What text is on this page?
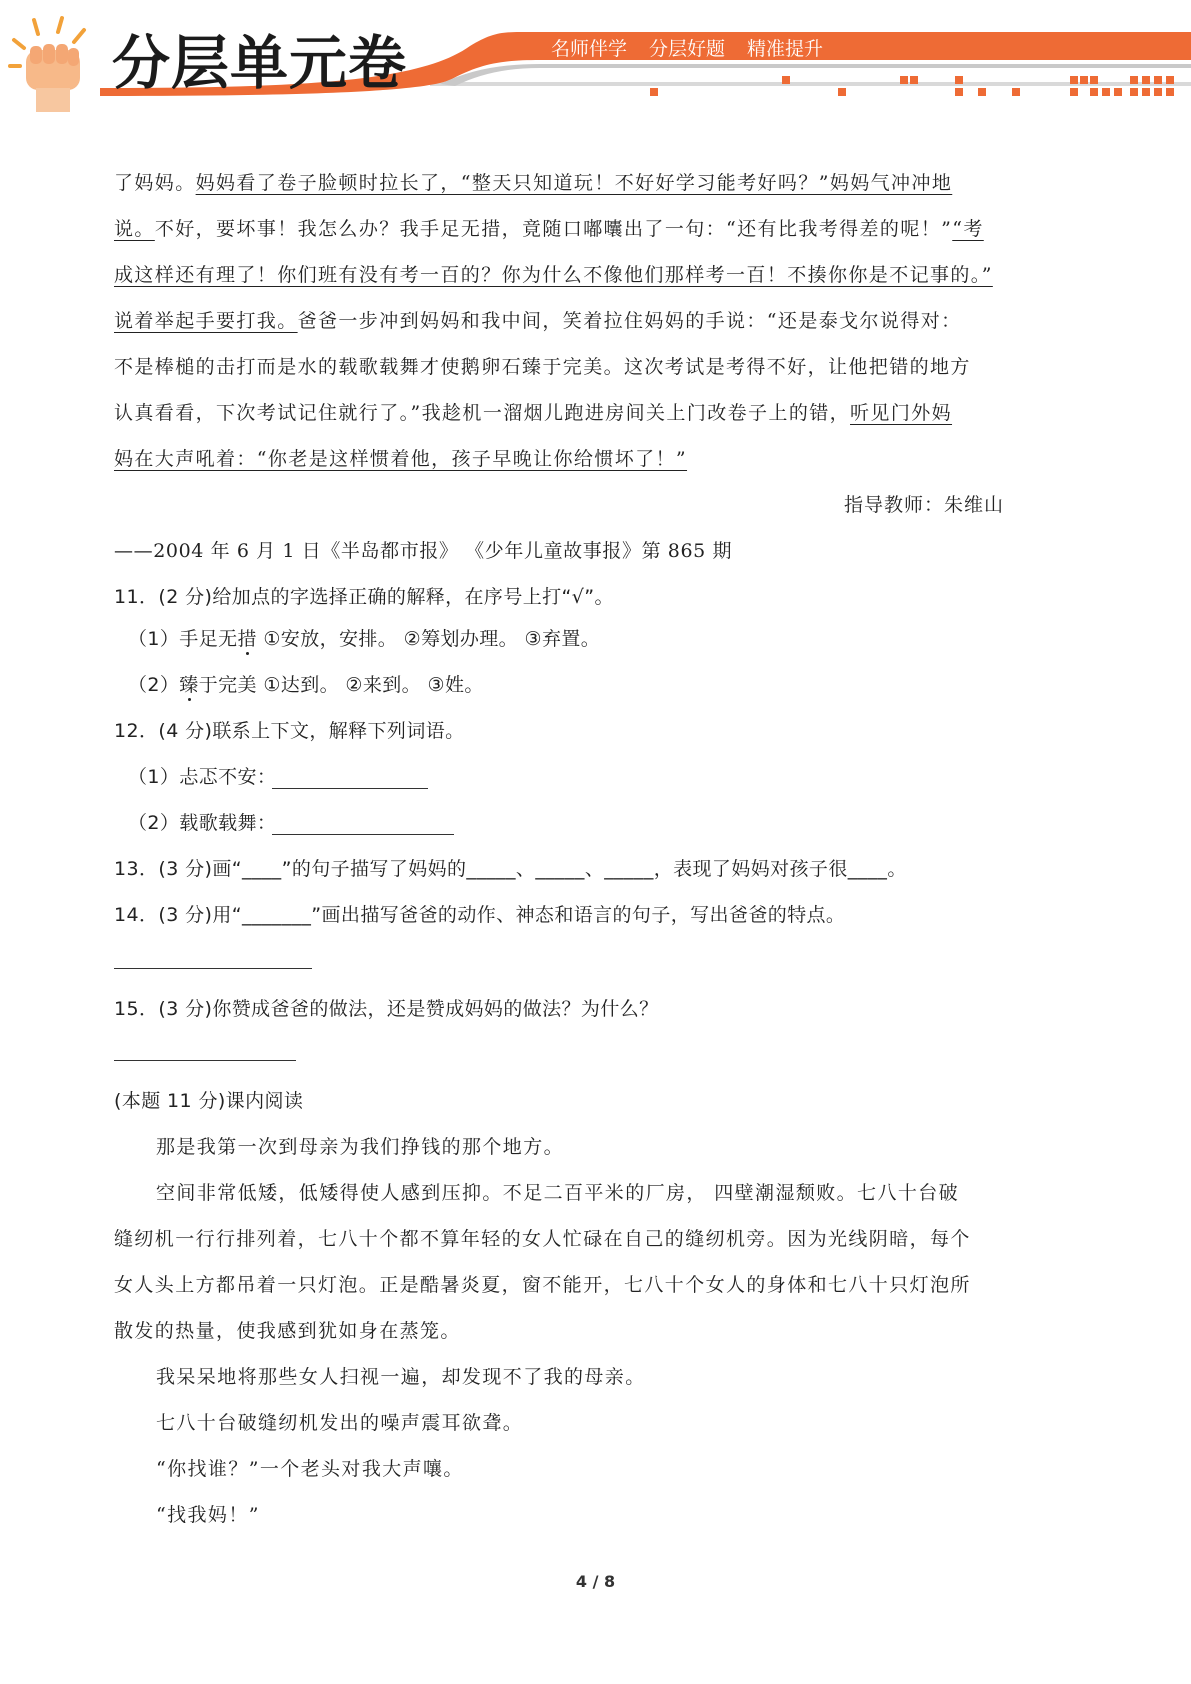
分层单元卷	名师伴学 分层好题 精准提升
了妈妈。妈妈看了卷子脸顿时拉长了，“整天只知道玩！不好好学习能考好吗？”妈妈气冲冲地
说。不好，要坏事！我怎么办？我手足无措，竟随口嘟囔出了一句：“还有比我考得差的呢！”“考
成这样还有理了！你们班有没有考一百的？你为什么不像他们那样考一百！不揍你你是不记事的。”
说着举起手要打我。爸爸一步冲到妈妈和我中间，笑着拉住妈妈的手说：“还是泰戈尔说得对：
不是棒槌的击打而是水的载歌载舞才使鹅卵石臻于完美。这次考试是考得不好，让他把错的地方
认真看看，下次考试记住就行了。”我趁机一溜烟儿跑进房间关上门改卷子上的错，听见门外妈
妈在大声吼着：“你老是这样惯着他，孩子早晚让你给惯坏了！”
指导教师：朱维山
——2004 年 6 月 1 日《半岛都市报》 《少年儿童故事报》第 865 期
11．(2 分)给加点的字选择正确的解释，在序号上打“√”。
（1）手足无措 ①安放，安排。 ②筹划办理。 ③弃置。
（2）臻于完美 ①达到。 ②来到。 ③姓。
12．(4 分)联系上下文，解释下列词语。
（1）忐忑不安：
（2）载歌载舞：
13．(3 分)画“____”的句子描写了妈妈的_____、_____、_____，表现了妈妈对孩子很____。
14．(3 分)用“_______”画出描写爸爸的动作、神态和语言的句子，写出爸爸的特点。
15．(3 分)你赞成爸爸的做法，还是赞成妈妈的做法？为什么？
(本题 11 分)课内阅读
那是我第一次到母亲为我们挣钱的那个地方。
空间非常低矮，低矮得使人感到压抑。不足二百平米的厂房， 四壁潮湿颓败。七八十台破
缝纫机一行行排列着，七八十个都不算年轻的女人忙碌在自己的缝纫机旁。因为光线阴暗，每个
女人头上方都吊着一只灯泡。正是酷暑炎夏，窗不能开，七八十个女人的身体和七八十只灯泡所
散发的热量，使我感到犹如身在蒸笼。
我呆呆地将那些女人扫视一遍，却发现不了我的母亲。
七八十台破缝纫机发出的噪声震耳欲聋。
“你找谁？”一个老头对我大声嚷。
“找我妈！”
4 / 8
